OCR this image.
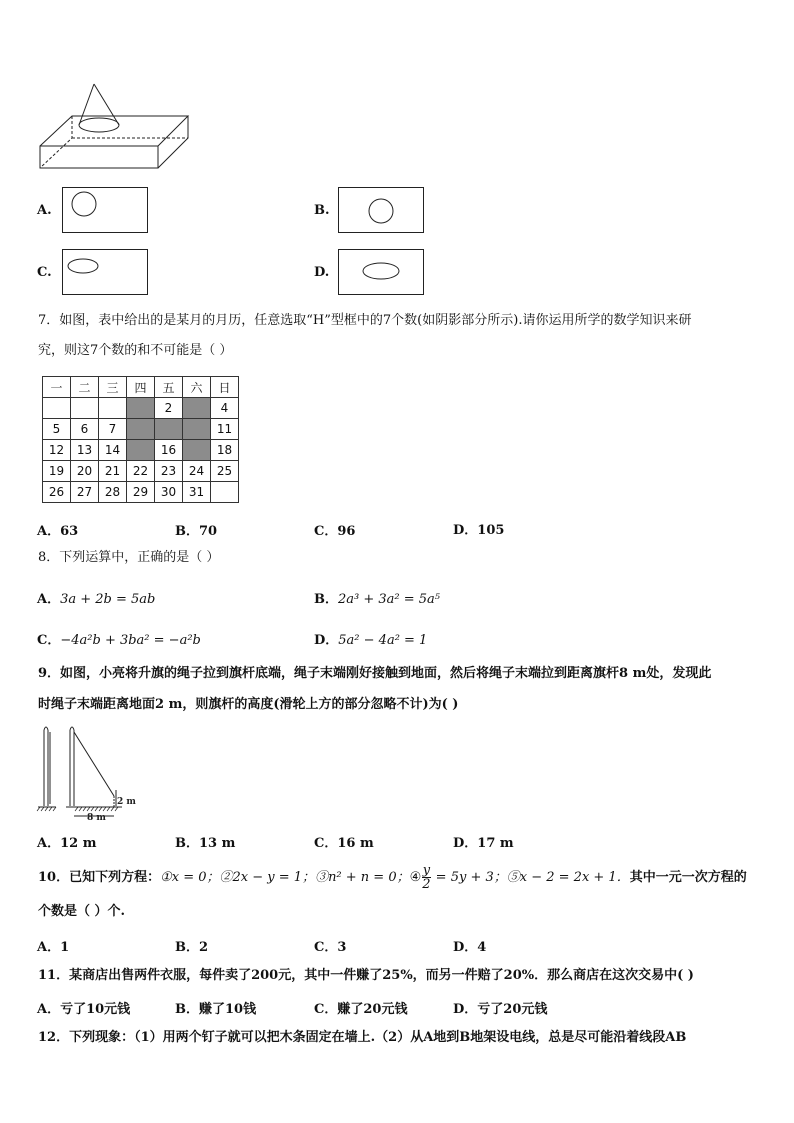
A.	B.
C.	D.
7．如图，表中给出的是某月的月历，任意选取“H”型框中的7个数(如阴影部分所示).请你运用所学的数学知识来研
究，则这7个数的和不可能是（ ）
一	二	三	四	五	六	日
				2		4
5	6	7				11
12	13	14		16		18
19	20	21	22	23	24	25
26	27	28	29	30	31	
A．63	B．70	C．96	D．105
8．下列运算中，正确的是（ ）
A．3a + 2b = 5ab	B．2a³ + 3a² = 5a⁵
C．−4a²b + 3ba² = −a²b	D．5a² − 4a² = 1
9．如图，小亮将升旗的绳子拉到旗杆底端，绳子末端刚好接触到地面，然后将绳子末端拉到距离旗杆8 m处，发现此
时绳子末端距离地面2 m，则旗杆的高度(滑轮上方的部分忽略不计)为( )
8 m
2 m
A．12 m	B．13 m	C．16 m	D．17 m
10．已知下列方程：①x = 0；②2x − y = 1；③n² + n = 0；④ $\frac{y}{2} = 5y + 3$；⑤x − 2 = 2x + 1．其中一元一次方程的
个数是（ ）个.
A．1	B．2	C．3	D．4
11．某商店出售两件衣服，每件卖了200元，其中一件赚了25%，而另一件赔了20%．那么商店在这次交易中( )
A．亏了10元钱	B．赚了10钱	C．赚了20元钱	D．亏了20元钱
12．下列现象：（1）用两个钉子就可以把木条固定在墙上.（2）从A地到B地架设电线，总是尽可能沿着线段AB
